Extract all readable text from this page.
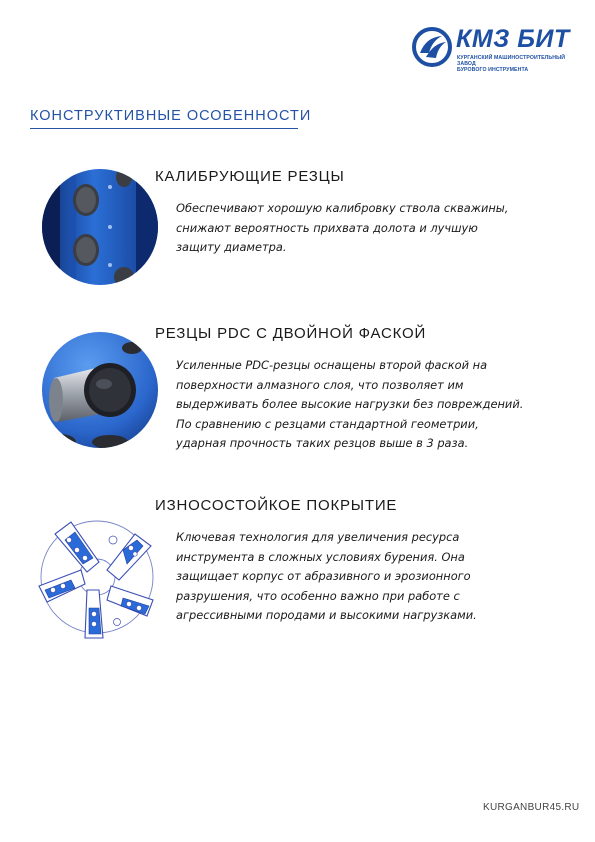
КМЗ БИТ
КУРГАНСКИЙ МАШИНОСТРОИТЕЛЬНЫЙ ЗАВОД
БУРОВОГО ИНСТРУМЕНТА
КОНСТРУКТИВНЫЕ ОСОБЕННОСТИ
КАЛИБРУЮЩИЕ РЕЗЦЫ
Обеспечивают хорошую калибровку ствола скважины,
снижают вероятность прихвата долота и лучшую
защиту диаметра.
РЕЗЦЫ PDC С ДВОЙНОЙ ФАСКОЙ
Усиленные PDC-резцы оснащены второй фаской на
поверхности алмазного слоя, что позволяет им
выдерживать более высокие нагрузки без повреждений.
По сравнению с резцами стандартной геометрии,
ударная прочность таких резцов выше в 3 раза.
ИЗНОСОСТОЙКОЕ ПОКРЫТИЕ
Ключевая технология для увеличения ресурса
инструмента в сложных условиях бурения. Она
защищает корпус от абразивного и эрозионного
разрушения, что особенно важно при работе с
агрессивными породами и высокими нагрузками.
KURGANBUR45.RU
